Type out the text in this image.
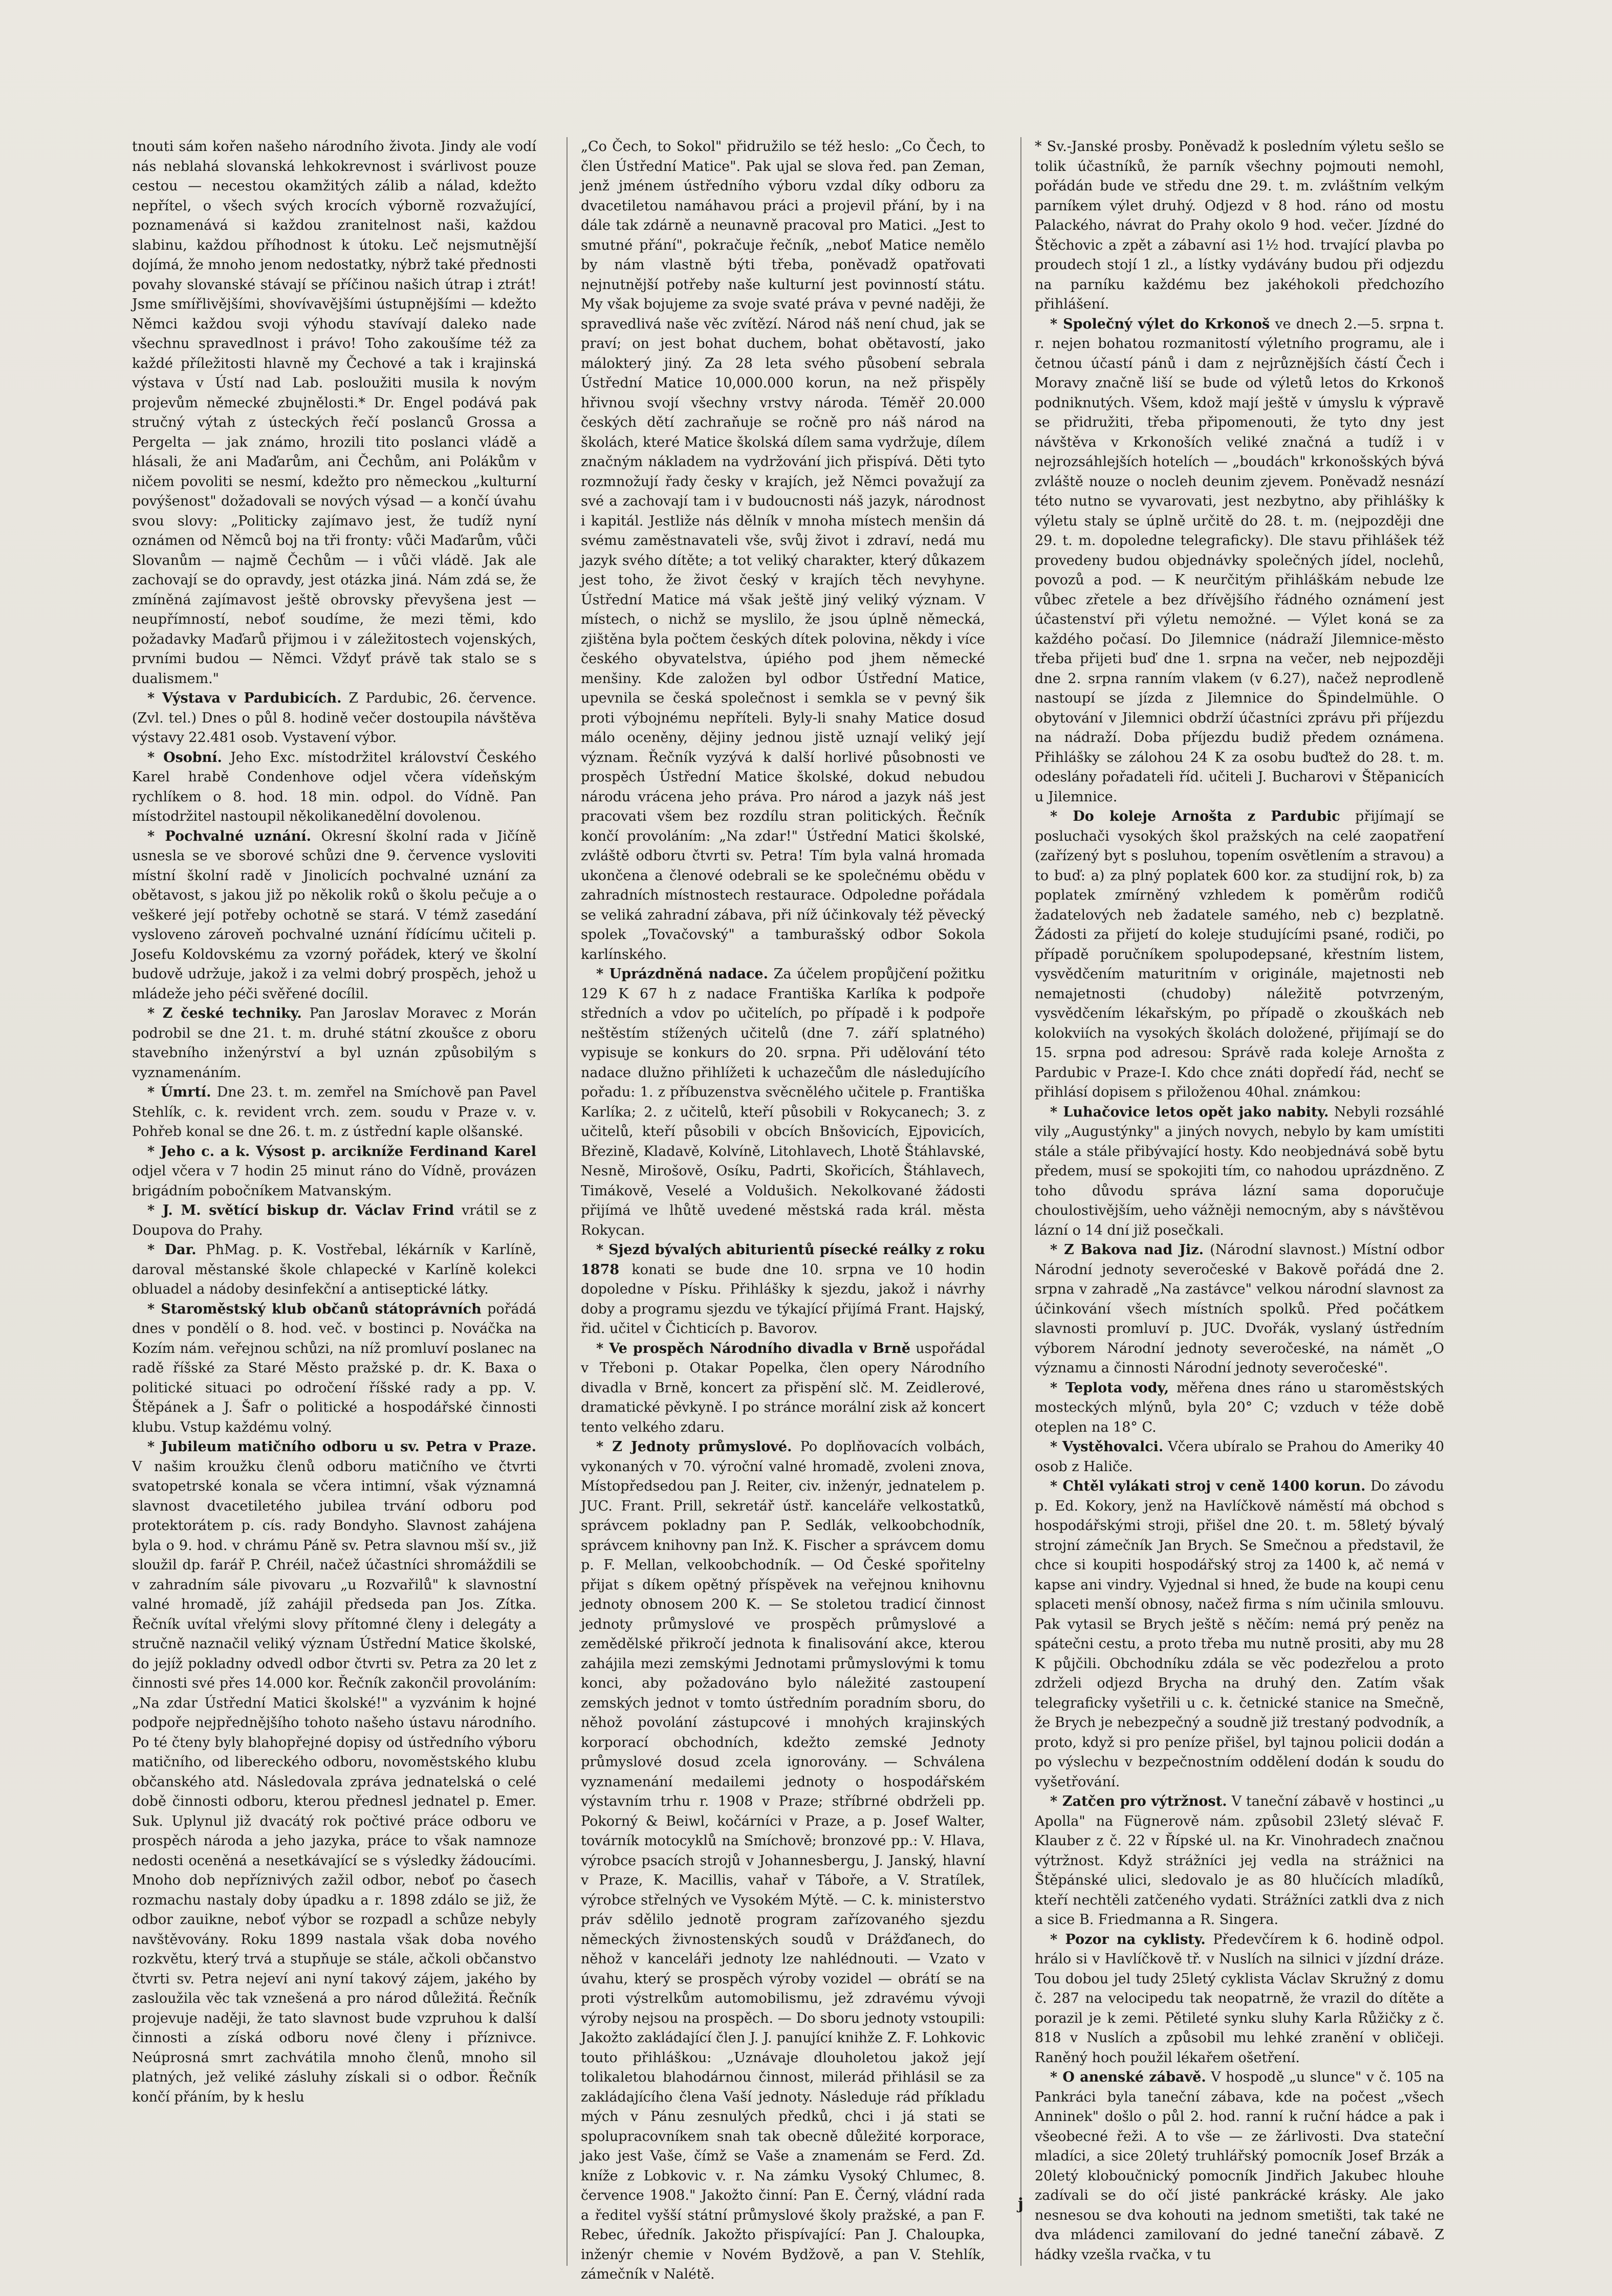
tnouti sám kořen našeho národního života. Jindy ale vodí nás neblahá slovanská lehkokrevnost i svárlivost pouze cestou — necestou okamžitých zálib a nálad, kdežto nepřítel, o všech svých krocích výborně rozvažující, poznamenává si každou zranitelnost naši, každou slabinu, každou příhodnost k útoku. Leč nejsmutnější dojímá, že mnoho jenom nedostatky, nýbrž také přednosti povahy slovanské stávají se příčinou našich útrap i ztrát! Jsme smířlivějšími, shovívavějšími ústupnějšími — kdežto Němci každou svoji výhodu stavívají daleko nade všechnu spravedlnost i právo! Toho zakoušíme též za každé příležitosti hlavně my Čechové a tak i krajinská výstava v Ústí nad Lab. posloužiti musila k novým projevům německé zbujnělosti.* Dr. Engel podává pak stručný výtah z ústeckých řečí poslanců Grossa a Pergelta — jak známo, hrozili tito poslanci vládě a hlásali, že ani Maďarům, ani Čechům, ani Polákům v ničem povoliti se nesmí, kdežto pro německou „kulturní povýšenost" dožadovali se nových výsad — a končí úvahu svou slovy: „Politicky zajímavo jest, že tudíž nyní oznámen od Němců boj na tři fronty: vůči Maďarům, vůči Slovanům — najmě Čechům — i vůči vládě. Jak ale zachovají se do opravdy, jest otázka jiná. Nám zdá se, že zmíněná zajímavost ještě obrovsky převyšena jest — neupřímností, neboť soudíme, že mezi těmi, kdo požadavky Maďarů přijmou i v záležitostech vojenských, prvními budou — Němci. Vždyť právě tak stalo se s dualismem."

* Výstava v Pardubicích. Z Pardubic, 26. července. (Zvl. tel.) Dnes o půl 8. hodině večer dostoupila návštěva výstavy 22.481 osob. Vystavení výbor.

* Osobní. Jeho Exc. místodržitel království Českého Karel hrabě Condenhove odjel včera vídeňským rychlíkem o 8. hod. 18 min. odpol. do Vídně. Pan místodržitel nastoupil několikanedělní dovolenou.

* Pochvalné uznání. Okresní školní rada v Jičíně usnesla se ve sborové schůzi dne 9. července vysloviti místní školní radě v Jinolicích pochvalné uznání za obětavost, s jakou již po několik roků o školu pečuje a o veškeré její potřeby ochotně se stará. V témž zasedání vysloveno zároveň pochvalné uznání řídícímu učiteli p. Josefu Koldovskému za vzorný pořádek, který ve školní budově udržuje, jakož i za velmi dobrý prospěch, jehož u mládeže jeho péči svěřené docílil.

* Z české techniky. Pan Jaroslav Moravec z Morán podrobil se dne 21. t. m. druhé státní zkoušce z oboru stavebního inženýrství a byl uznán způsobilým s vyznamenáním.

* Úmrtí. Dne 23. t. m. zemřel na Smíchově pan Pavel Stehlík, c. k. revident vrch. zem. soudu v Praze v. v. Pohřeb konal se dne 26. t. m. z ústřední kaple olšanské.

* Jeho c. a k. Výsost p. arcikníže Ferdinand Karel odjel včera v 7 hodin 25 minut ráno do Vídně, provázen brigádním pobočníkem Matvanským.

* J. M. světící biskup dr. Václav Frind vrátil se z Doupova do Prahy.

* Dar. PhMag. p. K. Vostřebal, lékárník v Karlíně, daroval městanské škole chlapecké v Karlíně kolekci obluadel a nádoby desinfekční a antiseptické látky.

* Staroměstský klub občanů státoprávních pořádá dnes v pondělí o 8. hod. več. v bostinci p. Nováčka na Kozím nám. veřejnou schůzi, na níž promluví poslanec na radě říšské za Staré Město pražské p. dr. K. Baxa o politické situaci po odročení říšské rady a pp. V. Štěpánek a J. Šafr o politické a hospodářské činnosti klubu. Vstup každému volný.

* Jubileum matičního odboru u sv. Petra v Praze. V našim kroužku členů odboru matičního ve čtvrti svatopetrské konala se včera intimní, však významná slavnost dvacetiletého jubilea trvání odboru pod protektorátem p. cís. rady Bondyho. Slavnost zahájena byla o 9. hod. v chrámu Páně sv. Petra slavnou mší sv., již sloužil dp. farář P. Chréil, načež účastníci shromáždili se v zahradním sále pivovaru „u Rozvařilů" k slavnostní valné hromadě, jíž zahájil předseda pan Jos. Zítka. Řečník uvítal vřelými slovy přítomné členy i delegáty a stručně naznačil veliký význam Ústřední Matice školské, do jejíž pokladny odvedl odbor čtvrti sv. Petra za 20 let z činnosti své přes 14.000 kor. Řečník zakončil provoláním: „Na zdar Ústřední Matici školské!" a vyzvánim k hojné podpoře nejpřednějšího tohoto našeho ústavu národního. Po té čteny byly blahopřejné dopisy od ústředního výboru matičního, od libereckého odboru, novoměstského klubu občanského atd. Následovala zpráva jednatelská o celé době činnosti odboru, kterou přednesl jednatel p. Emer. Suk. Uplynul již dvacátý rok počtivé práce odboru ve prospěch národa a jeho jazyka, práce to však namnoze nedosti oceněná a nesetkávající se s výsledky žádoucími. Mnoho dob nepříznivých zažil odbor, neboť po časech rozmachu nastaly doby úpadku a r. 1898 zdálo se již, že odbor zauikne, neboť výbor se rozpadl a schůze nebyly navštěvovány. Roku 1899 nastala však doba nového rozkvětu, který trvá a stupňuje se stále, ačkoli občanstvo čtvrti sv. Petra nejeví ani nyní takový zájem, jakého by zasloužila věc tak vznešená a pro národ důležitá. Řečník projevuje naději, že tato slavnost bude vzpruhou k další činnosti a získá odboru nové členy i příznivce. Neúprosná smrt zachvátila mnoho členů, mnoho sil platných, jež veliké zásluhy získali si o odbor. Řečník končí přáním, by k heslu

„Co Čech, to Sokol" přidružilo se též heslo: „Co Čech, to člen Ústřední Matice". Pak ujal se slova řed. pan Zeman, jenž jménem ústředního výboru vzdal díky odboru za dvacetiletou namáhavou práci a projevil přání, by i na dále tak zdárně a neunavně pracoval pro Matici. „Jest to smutné přání", pokračuje řečník, „neboť Matice nemělo by nám vlastně býti třeba, poněvadž opatřovati nejnutnější potřeby naše kulturní jest povinností státu. My však bojujeme za svoje svaté práva v pevné naději, že spravedlivá naše věc zvítězí. Národ náš není chud, jak se praví; on jest bohat duchem, bohat obětavostí, jako málokterý jiný. Za 28 leta svého působení sebrala Ústřední Matice 10,000.000 korun, na než přispěly hřivnou svojí všechny vrstvy národa. Téměř 20.000 českých dětí zachraňuje se ročně pro náš národ na školách, které Matice školská dílem sama vydržuje, dílem značným nákladem na vydržování jich přispívá. Děti tyto rozmnožují řady česky v krajích, jež Němci považují za své a zachovají tam i v budoucnosti náš jazyk, národnost i kapitál. Jestliže nás dělník v mnoha místech menšin dá svému zaměstnavateli vše, svůj život i zdraví, nedá mu jazyk svého dítěte; a tot veliký charakter, který důkazem jest toho, že život český v krajích těch nevyhyne. Ústřední Matice má však ještě jiný veliký význam. V místech, o nichž se myslilo, že jsou úplně německá, zjištěna byla počtem českých dítek polovina, někdy i více českého obyvatelstva, úpiého pod jhem německé menšiny. Kde založen byl odbor Ústřední Matice, upevnila se česká společnost i semkla se v pevný šik proti výbojnému nepříteli. Byly-li snahy Matice dosud málo oceněny, dějiny jednou jistě uznají veliký její význam. Řečník vyzývá k další horlivé působnosti ve prospěch Ústřední Matice školské, dokud nebudou národu vrácena jeho práva. Pro národ a jazyk náš jest pracovati všem bez rozdílu stran politických. Řečník končí provoláním: „Na zdar!" Ústřední Matici školské, zvláště odboru čtvrti sv. Petra! Tím byla valná hromada ukončena a členové odebrali se ke společnému obědu v zahradních místnostech restaurace. Odpoledne pořádala se veliká zahradní zábava, při níž účinkovaly též pěvecký spolek „Tovačovský" a tamburašský odbor Sokola karlínského.

* Uprázdněná nadace. Za účelem propůjčení požitku 129 K 67 h z nadace Františka Karlíka k podpoře středních a vdov po učitelích, po případě i k podpoře neštěstím stížených učitelů (dne 7. září splatného) vypisuje se konkurs do 20. srpna. Při udělování této nadace dlužno přihlížeti k uchazečům dle následujícího pořadu: 1. z příbuzenstva svěcnělého učitele p. Františka Karlíka; 2. z učitelů, kteří působili v Rokycanech; 3. z učitelů, kteří působili v obcích Bnšovicích, Ejpovicích, Březině, Kladavě, Kolvíně, Litohlavech, Lhotě Štáhlavské, Nesně, Mirošově, Osíku, Padrti, Skořicích, Štáhlavech, Timákově, Veselé a Voldušich. Nekolkované žádosti přijímá ve lhůtě uvedené městská rada král. města Rokycan.

* Sjezd bývalých abiturientů písecké reálky z roku 1878 konati se bude dne 10. srpna ve 10 hodin dopoledne v Písku. Přihlášky k sjezdu, jakož i návrhy doby a programu sjezdu ve týkající přijímá Frant. Hajský, řid. učitel v Čichticích p. Bavorov.

* Ve prospěch Národního divadla v Brně uspořádal v Třeboni p. Otakar Popelka, člen opery Národního divadla v Brně, koncert za přispění slč. M. Zeidlerové, dramatické pěvkyně. I po stránce morální zisk až koncert tento velkého zdaru.

* Z Jednoty průmyslové. Po doplňovacích volbách, vykonaných v 70. výroční valné hromadě, zvoleni znova, Místopředsedou pan J. Reiter, civ. inženýr, jednatelem p. JUC. Frant. Prill, sekretář ústř. kanceláře velkostatků, správcem pokladny pan P. Sedlák, velkoobchodník, správcem knihovny pan Inž. K. Fischer a správcem domu p. F. Mellan, velkoobchodník. — Od České spořitelny přijat s díkem opětný příspěvek na veřejnou knihovnu jednoty obnosem 200 K. — Se stoletou tradicí činnost jednoty průmyslové ve prospěch průmyslové a zemědělské přikročí jednota k finalisování akce, kterou zahájila mezi zemskými Jednotami průmyslovými k tomu konci, aby požadováno bylo náležité zastoupení zemských jednot v tomto ústředním poradním sboru, do něhož povolání zástupcové i mnohých krajinských korporací obchodních, kdežto zemské Jednoty průmyslové dosud zcela ignorovány. — Schválena vyznamenání medailemi jednoty o hospodářském výstavním trhu r. 1908 v Praze; stříbrné obdrželi pp. Pokorný & Beiwl, kočárníci v Praze, a p. Josef Walter, továrník motocyklů na Smíchově; bronzové pp.: V. Hlava, výrobce psacích strojů v Johannesbergu, J. Janský, hlavní v Praze, K. Macillis, vahař v Táboře, a V. Stratílek, výrobce střelných ve Vysokém Mýtě. — C. k. ministerstvo práv sdělilo jednotě program zařízovaného sjezdu německých živnostenských soudů v Drážďanech, do něhož v kanceláři jednoty lze nahlédnouti. — Vzato v úvahu, který se prospěch výroby vozidel — obrátí se na proti výstrelkům automobilismu, jež zdravému vývoji výroby nejsou na prospěch. — Do sboru jednoty vstoupili: Jakožto zakládající člen J. J. panující knihže Z. F. Lohkovic touto přihláškou: „Uznávaje dlouholetou jakož její tolikaletou blahodárnou činnost, milerád přihlásil se za zakládajícího člena Vaší jednoty. Následuje rád příkladu mých v Pánu zesnulých předků, chci i já stati se spolupracovníkem snah tak obecně důležité korporace, jako jest Vaše, čímž se Vaše a znamenám se Ferd. Zd. kníže z Lobkovic v. r. Na zámku Vysoký Chlumec, 8. července 1908." Jakožto činní: Pan E. Černý, vládní rada a ředitel vyšší státní průmyslové školy pražské, a pan F. Rebec, úředník. Jakožto přispívající: Pan J. Chaloupka, inženýr chemie v Novém Bydžově, a pan V. Stehlík, zámečník v Nalétě.

* Sv.-Janské prosby. Poněvadž k posledním výletu sešlo se tolik účastníků, že parník všechny pojmouti nemohl, pořádán bude ve středu dne 29. t. m. zvláštním velkým parníkem výlet druhý. Odjezd v 8 hod. ráno od mostu Palackého, návrat do Prahy okolo 9 hod. večer. Jízdné do Štěchovic a zpět a zábavní asi 1½ hod. trvající plavba po proudech stojí 1 zl., a lístky vydávány budou při odjezdu na parníku každému bez jakéhokoli předchozího přihlášení.

* Společný výlet do Krkonoš ve dnech 2.—5. srpna t. r. nejen bohatou rozmanitostí výletního programu, ale i četnou účastí pánů i dam z nejrůznějších částí Čech i Moravy značně liší se bude od výletů letos do Krkonoš podniknutých. Všem, kdož mají ještě v úmyslu k výpravě se přidružiti, třeba připomenouti, že tyto dny jest návštěva v Krkonoších veliké značná a tudíž i v nejrozsáhlejších hotelích — „boudách" krkonošských bývá zvláště nouze o nocleh deunim zjevem. Poněvadž nesnází této nutno se vyvarovati, jest nezbytno, aby přihlášky k výletu staly se úplně určitě do 28. t. m. (nejpozději dne 29. t. m. dopoledne telegraficky). Dle stavu přihlášek též provedeny budou objednávky společných jídel, noclehů, povozů a pod. — K neurčitým přihláškám nebude lze vůbec zřetele a bez dřívějšího řádného oznámení jest účastenství při výletu nemožné. — Výlet koná se za každého počasí. Do Jilemnice (nádraží Jilemnice-město třeba přijeti buď dne 1. srpna na večer, neb nejpozději dne 2. srpna ranním vlakem (v 6.27), načež neprodleně nastoupí se jízda z Jilemnice do Špindelmühle. O obytování v Jilemnici obdrží účastníci zprávu při příjezdu na nádraží. Doba příjezdu budiž předem oznámena. Přihlášky se zálohou 24 K za osobu buďtež do 28. t. m. odeslány pořadateli říd. učiteli J. Bucharovi v Štěpanicích u Jilemnice.

* Do koleje Arnošta z Pardubic přijímají se posluchači vysokých škol pražských na celé zaopatření (zařízený byt s posluhou, topením osvětlením a stravou) a to buď: a) za plný poplatek 600 kor. za studijní rok, b) za poplatek zmírněný vzhledem k poměrům rodičů žadatelových neb žadatele samého, neb c) bezplatně. Žádosti za přijetí do koleje studujícími psané, rodiči, po případě poručníkem spolupodepsané, křestním listem, vysvědčením maturitním v originále, majetnosti neb nemajetnosti (chudoby) náležitě potvrzeným, vysvědčením lékařským, po případě o zkouškách neb kolokviích na vysokých školách doložené, přijímají se do 15. srpna pod adresou: Správě rada koleje Arnošta z Pardubic v Praze-I. Kdo chce znáti dopředí řád, nechť se přihlásí dopisem s přiloženou 40hal. známkou:

* Luhačovice letos opět jako nabity. Nebyli rozsáhlé vily „Augustýnky" a jiných novych, nebylo by kam umístiti stále a stále přibývající hosty. Kdo neobjednává sobě bytu předem, musí se spokojiti tím, co nahodou uprázdněno. Z toho důvodu správa lázní sama doporučuje choulostivějším, ueho vážněji nemocným, aby s návštěvou lázní o 14 dní již posečkali.

* Z Bakova nad Jiz. (Národní slavnost.) Místní odbor Národní jednoty severočeské v Bakově pořádá dne 2. srpna v zahradě „Na zastávce" velkou národní slavnost za účinkování všech místních spolků. Před počátkem slavnosti promluví p. JUC. Dvořák, vyslaný ústředním výborem Národní jednoty severočeské, na námět „O významu a činnosti Národní jednoty severočeské".

* Teplota vody, měřena dnes ráno u staroměstských mosteckých mlýnů, byla 20° C; vzduch v téže době oteplen na 18° C.

* Vystěhovalci. Včera ubíralo se Prahou do Ameriky 40 osob z Haliče.

* Chtěl vylákati stroj v ceně 1400 korun. Do závodu p. Ed. Kokory, jenž na Havlíčkově náměstí má obchod s hospodářskými stroji, přišel dne 20. t. m. 58letý bývalý strojní zámečník Jan Brych. Se Smečnou a představil, že chce si koupiti hospodářský stroj za 1400 k, ač nemá v kapse ani vindry. Vyjednal si hned, že bude na koupi cenu splaceti menší obnosy, načež firma s ním učinila smlouvu. Pak vytasil se Brych ještě s něčím: nemá prý peněz na spátečni cestu, a proto třeba mu nutně prositi, aby mu 28 K půjčili. Obchodníku zdála se věc podezřelou a proto zdrželi odjezd Brycha na druhý den. Zatím však telegraficky vyšetřili u c. k. četnické stanice na Smečně, že Brych je nebezpečný a soudně již trestaný podvodník, a proto, když si pro peníze přišel, byl tajnou policii dodán a po výslechu v bezpečnostním oddělení dodán k soudu do vyšetřování.

* Zatčen pro výtržnost. V taneční zábavě v hostinci „u Apolla" na Fügnerově nám. způsobil 23letý slévač F. Klauber z č. 22 v Řípské ul. na Kr. Vinohradech značnou výtržnost. Když strážníci jej vedla na strážnici na Štěpánské ulici, sledovalo je as 80 hlučících mladíků, kteří nechtěli zatčeného vydati. Strážníci zatkli dva z nich a sice B. Friedmanna a R. Singera.

* Pozor na cyklisty. Předevčírem k 6. hodině odpol. hrálo si v Havlíčkově tř. v Nuslích na silnici v jízdní dráze. Tou dobou jel tudy 25letý cyklista Václav Skružný z domu č. 287 na velocipedu tak neopatrně, že vrazil do dítěte a porazil je k zemi. Pětileté synku sluhy Karla Růžičky z č. 818 v Nuslích a způsobil mu lehké zranění v obličeji. Raněný hoch použil lékařem ošetření.

* O anenské zábavě. V hospodě „u slunce" v č. 105 na Pankráci byla taneční zábava, kde na počest „všech Anninek" došlo o půl 2. hod. ranní k ruční hádce a pak i všeobecné řeži. A to vše — ze žárlivosti. Dva stateční mladíci, a sice 20letý truhlářský pomocník Josef Brzák a 20letý kloboučnický pomocník Jindřich Jakubec hlouhe zadívali se do očí jisté pankrácké krásky. Ale jako nesnesou se dva kohouti na jednom smetišti, tak také ne dva mládenci zamilovaní do jedné taneční zábavě. Z hádky vzešla rvačka, v tu

j
